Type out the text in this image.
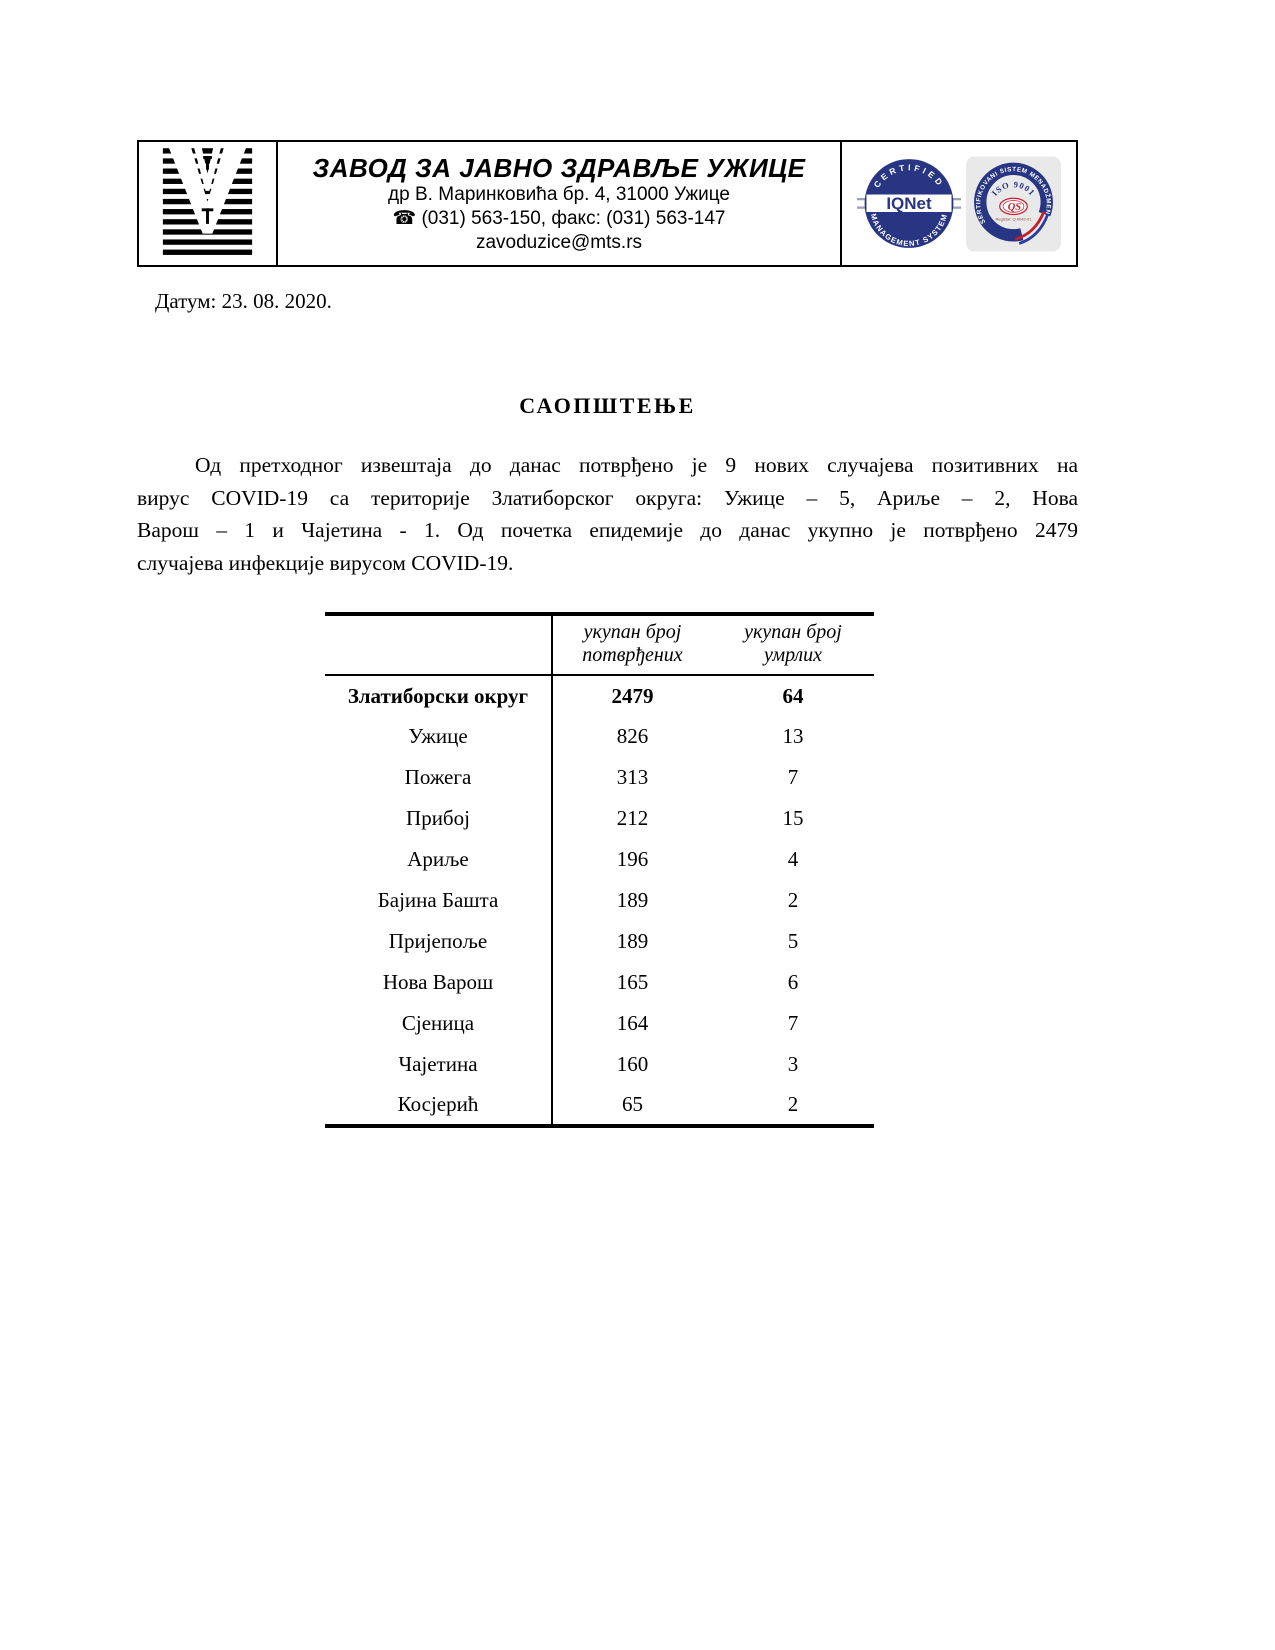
ЗАВОД ЗА ЈАВНО ЗДРАВЉЕ УЖИЦЕ
др В. Маринковића бр. 4, 31000 Ужице
☎ (031) 563-150, факс: (031) 563-147
zavoduzice@mts.rs
CERTIFIED
MANAGEMENT SYSTEM
IQNet
SERTIFIKOVANI SISTEM MENADŽMENTA
ISO 9001
QS
Registar: Q-0042-01
Датум: 23. 08. 2020.
САОПШТЕЊЕ
Од претходног извештаја до данас потврђено је 9 нових случајева позитивних на
вирус COVID-19 са територије Златиборског округа: Ужице – 5, Ариље – 2, Нова
Варош – 1 и Чајетина - 1. Од почетка епидемије до данас укупно је потврђено 2479
случајева инфекције вирусом COVID-19.
	укупан број потврђених	укупан број умрлих
Златиборски округ	2479	64
Ужице	826	13
Пожега	313	7
Прибој	212	15
Ариље	196	4
Бајина Башта	189	2
Пријепоље	189	5
Нова Варош	165	6
Сјеница	164	7
Чајетина	160	3
Косјерић	65	2
